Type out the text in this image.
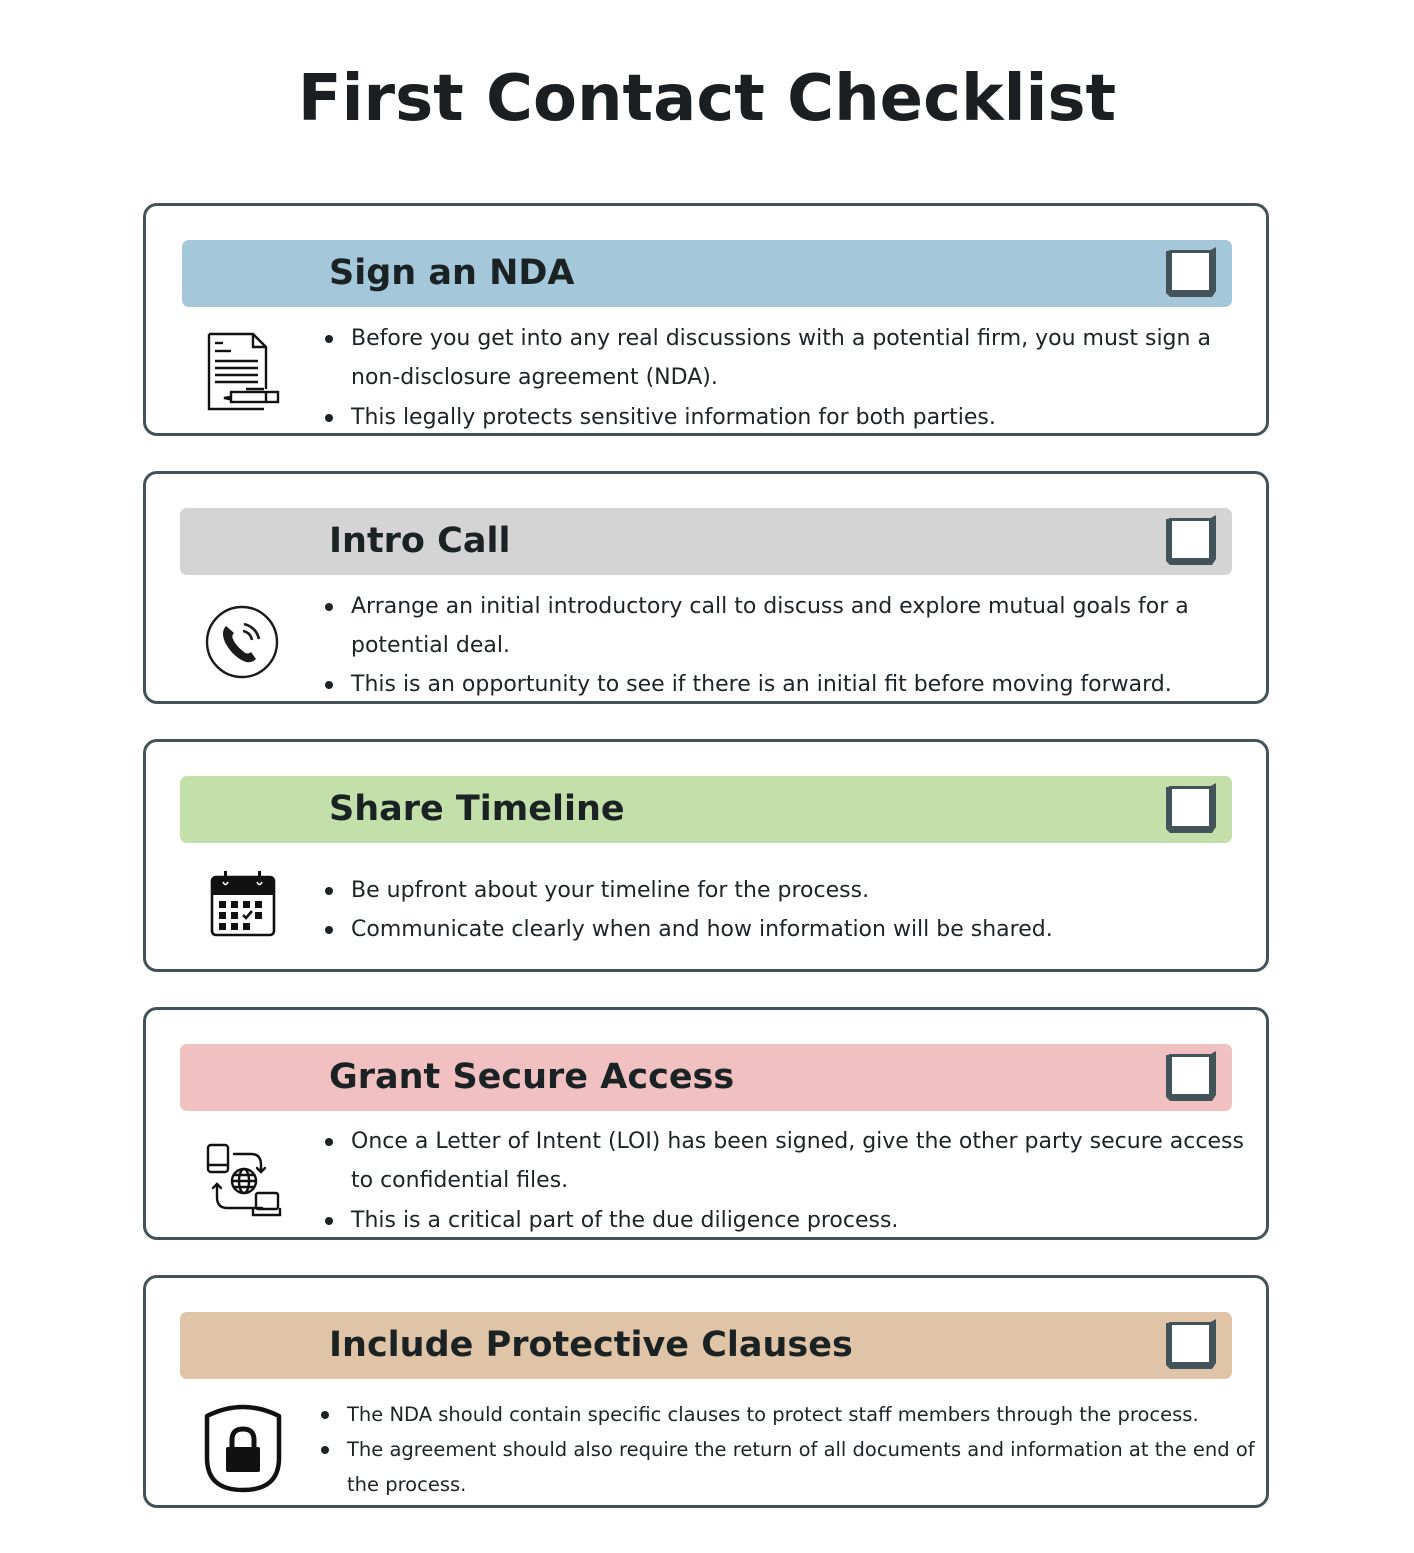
First Contact Checklist
Sign an NDA
Before you get into any real discussions with a potential firm, you must sign a non-disclosure agreement (NDA).
This legally protects sensitive information for both parties.
Intro Call
Arrange an initial introductory call to discuss and explore mutual goals for a potential deal.
This is an opportunity to see if there is an initial fit before moving forward.
Share Timeline
Be upfront about your timeline for the process.
Communicate clearly when and how information will be shared.
Grant Secure Access
Once a Letter of Intent (LOI) has been signed, give the other party secure access to confidential files.
This is a critical part of the due diligence process.
Include Protective Clauses
The NDA should contain specific clauses to protect staff members through the process.
The agreement should also require the return of all documents and information at the end of the process.
